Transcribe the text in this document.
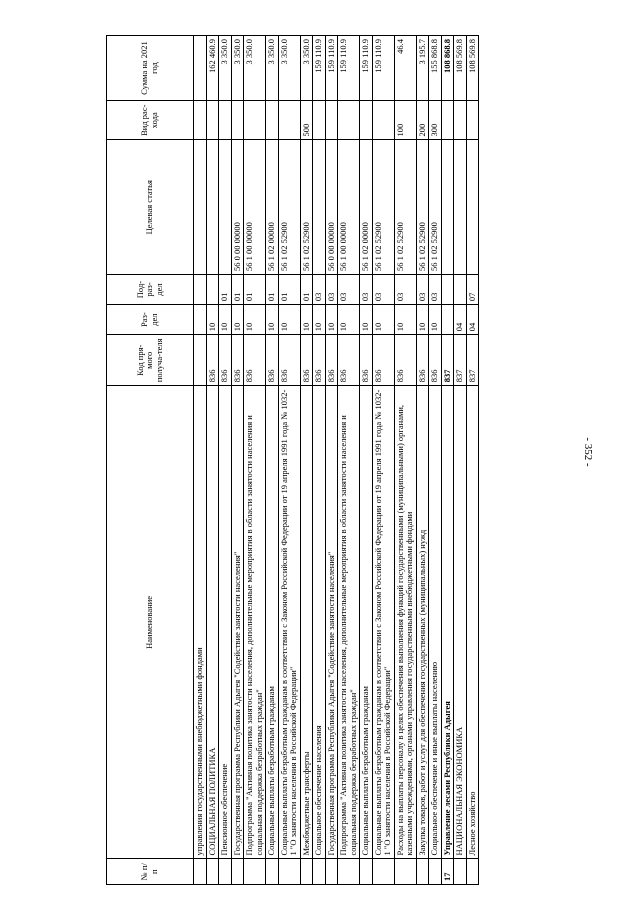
- 352 -
№ п/п	Наименование	Код пря-мого получа-теля	Раз-дел	Под-раз-дел	Целевая статья	Вид рас-хода	Сумма на 2021 год
	управления государственными внебюджетными фондами						
	СОЦИАЛЬНАЯ ПОЛИТИКА	836	10				162 460.9
	Пенсионное обеспечение	836	10	01			3 350.0
	Государственная программа Республики Адыгея "Содействие занятости населения"	836	10	01	56 0 00 00000		3 350.0
	Подпрограмма "Активная политика занятости населения, дополнительные мероприятия в области занятости населения и социальная поддержка безработных граждан"	836	10	01	56 1 00 00000		3 350.0
	Социальные выплаты безработным гражданам	836	10	01	56 1 02 00000		3 350.0
	Социальные выплаты безработным гражданам в соответствии с Законом Российской Федерации от 19 апреля 1991 года № 1032-1 "О занятости населения в Российской Федерации"	836	10	01	56 1 02 52900		3 350.0
	Межбюджетные трансферты	836	10	01	56 1 02 52900	500	3 350.0
	Социальное обеспечение населения	836	10	03			159 110.9
	Государственная программа Республики Адыгея "Содействие занятости населения"	836	10	03	56 0 00 00000		159 110.9
	Подпрограмма "Активная политика занятости населения, дополнительные мероприятия в области занятости населения и социальная поддержка безработных граждан"	836	10	03	56 1 00 00000		159 110.9
	Социальные выплаты безработным гражданам	836	10	03	56 1 02 00000		159 110.9
	Социальные выплаты безработным гражданам в соответствии с Законом Российской Федерации от 19 апреля 1991 года № 1032-1 "О занятости населения в Российской Федерации"	836	10	03	56 1 02 52900		159 110.9
	Расходы на выплаты персоналу в целях обеспечения выполнения функций государственными (муниципальными) органами, казенными учреждениями, органами управления государственными внебюджетными фондами	836	10	03	56 1 02 52900	100	46.4
	Закупка товаров, работ и услуг для обеспечения государственных (муниципальных) нужд	836	10	03	56 1 02 52900	200	3 195.7
	Социальное обеспечение и иные выплаты населению	836	10	03	56 1 02 52900	300	155 868.8
17	Управление лесами Республики Адыгея	837					108 868.8
	НАЦИОНАЛЬНАЯ ЭКОНОМИКА	837	04				108 569.8
	Лесное хозяйство	837	04	07			108 569.8
